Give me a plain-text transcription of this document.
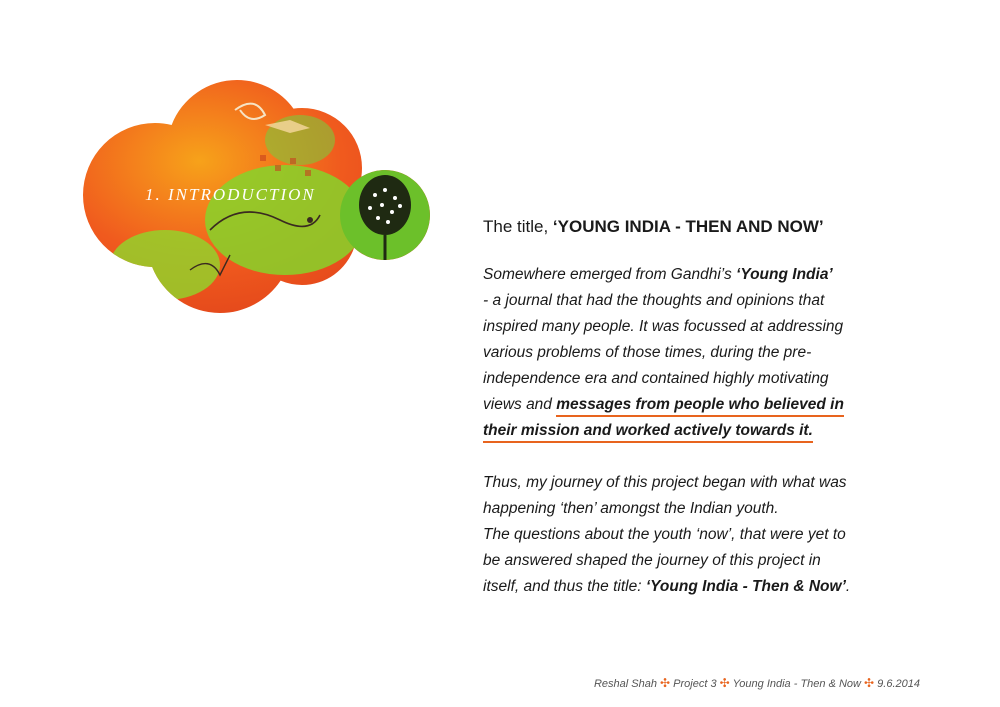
1. INTRODUCTION

The title, ‘YOUNG INDIA - THEN AND NOW’

Somewhere emerged from Gandhi’s ‘Young India’
- a journal that had the thoughts and opinions that
inspired many people. It was focussed at addressing
various problems of those times, during the pre-
independence era and contained highly motivating
views and messages from people who believed in
their mission and worked actively towards it.

Thus, my journey of this project began with what was
happening ‘then’ amongst the Indian youth.
The questions about the youth ‘now’, that were yet to
be answered shaped the journey of this project in
itself, and thus the title: ‘Young India - Then & Now’.

Reshal Shah ✣ Project 3 ✣ Young India - Then & Now ✣ 9.6.2014
